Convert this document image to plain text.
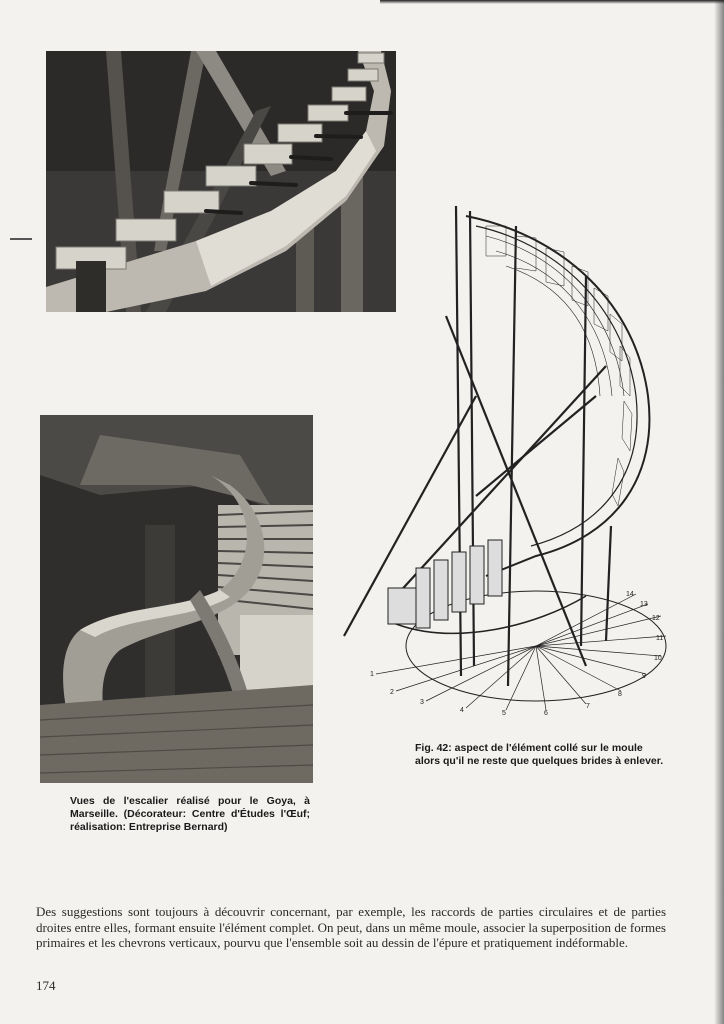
1
2
3
4	5	6
7
8
9
10
11
12
13
14
Fig. 42: aspect de l'élément collé sur le moule alors qu'il ne reste que quelques brides à enlever.
Vues de l'escalier réalisé pour le Goya, à Marseille. (Décorateur: Centre d'Études l'Œuf; réalisation: Entreprise Bernard)
Des suggestions sont toujours à découvrir concernant, par exemple, les raccords de parties circulaires et de parties droites entre elles, formant ensuite l'élément complet. On peut, dans un même moule, associer la superposition de formes primaires et les chevrons verticaux, pourvu que l'ensemble soit au dessin de l'épure et pratiquement indéformable.
174
